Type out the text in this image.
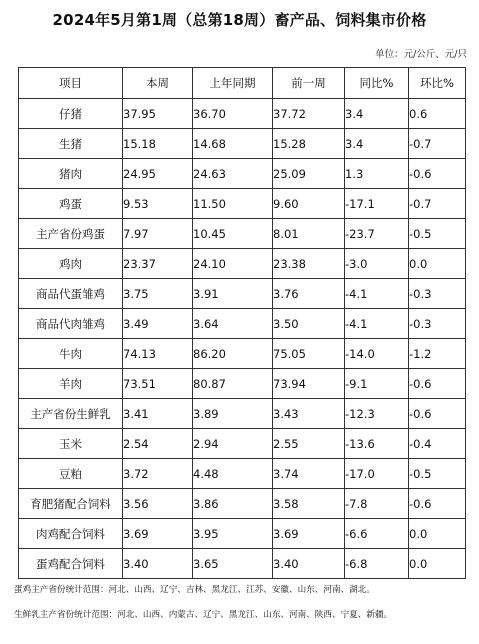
2024年5月第1周（总第18周）畜产品、饲料集市价格
单位：元/公斤、元/只
项目	本周	上年同期	前一周	同比%	环比%
仔猪	37.95	36.70	37.72	3.4	0.6
生猪	15.18	14.68	15.28	3.4	-0.7
猪肉	24.95	24.63	25.09	1.3	-0.6
鸡蛋	9.53	11.50	9.60	-17.1	-0.7
主产省份鸡蛋	7.97	10.45	8.01	-23.7	-0.5
鸡肉	23.37	24.10	23.38	-3.0	0.0
商品代蛋雏鸡	3.75	3.91	3.76	-4.1	-0.3
商品代肉雏鸡	3.49	3.64	3.50	-4.1	-0.3
牛肉	74.13	86.20	75.05	-14.0	-1.2
羊肉	73.51	80.87	73.94	-9.1	-0.6
主产省份生鲜乳	3.41	3.89	3.43	-12.3	-0.6
玉米	2.54	2.94	2.55	-13.6	-0.4
豆粕	3.72	4.48	3.74	-17.0	-0.5
育肥猪配合饲料	3.56	3.86	3.58	-7.8	-0.6
肉鸡配合饲料	3.69	3.95	3.69	-6.6	0.0
蛋鸡配合饲料	3.40	3.65	3.40	-6.8	0.0
蛋鸡主产省份统计范围：河北、山西、辽宁、吉林、黑龙江、江苏、安徽、山东、河南、湖北。
生鲜乳主产省份统计范围：河北、山西、内蒙古、辽宁、黑龙江、山东、河南、陕西、宁夏、新疆。
